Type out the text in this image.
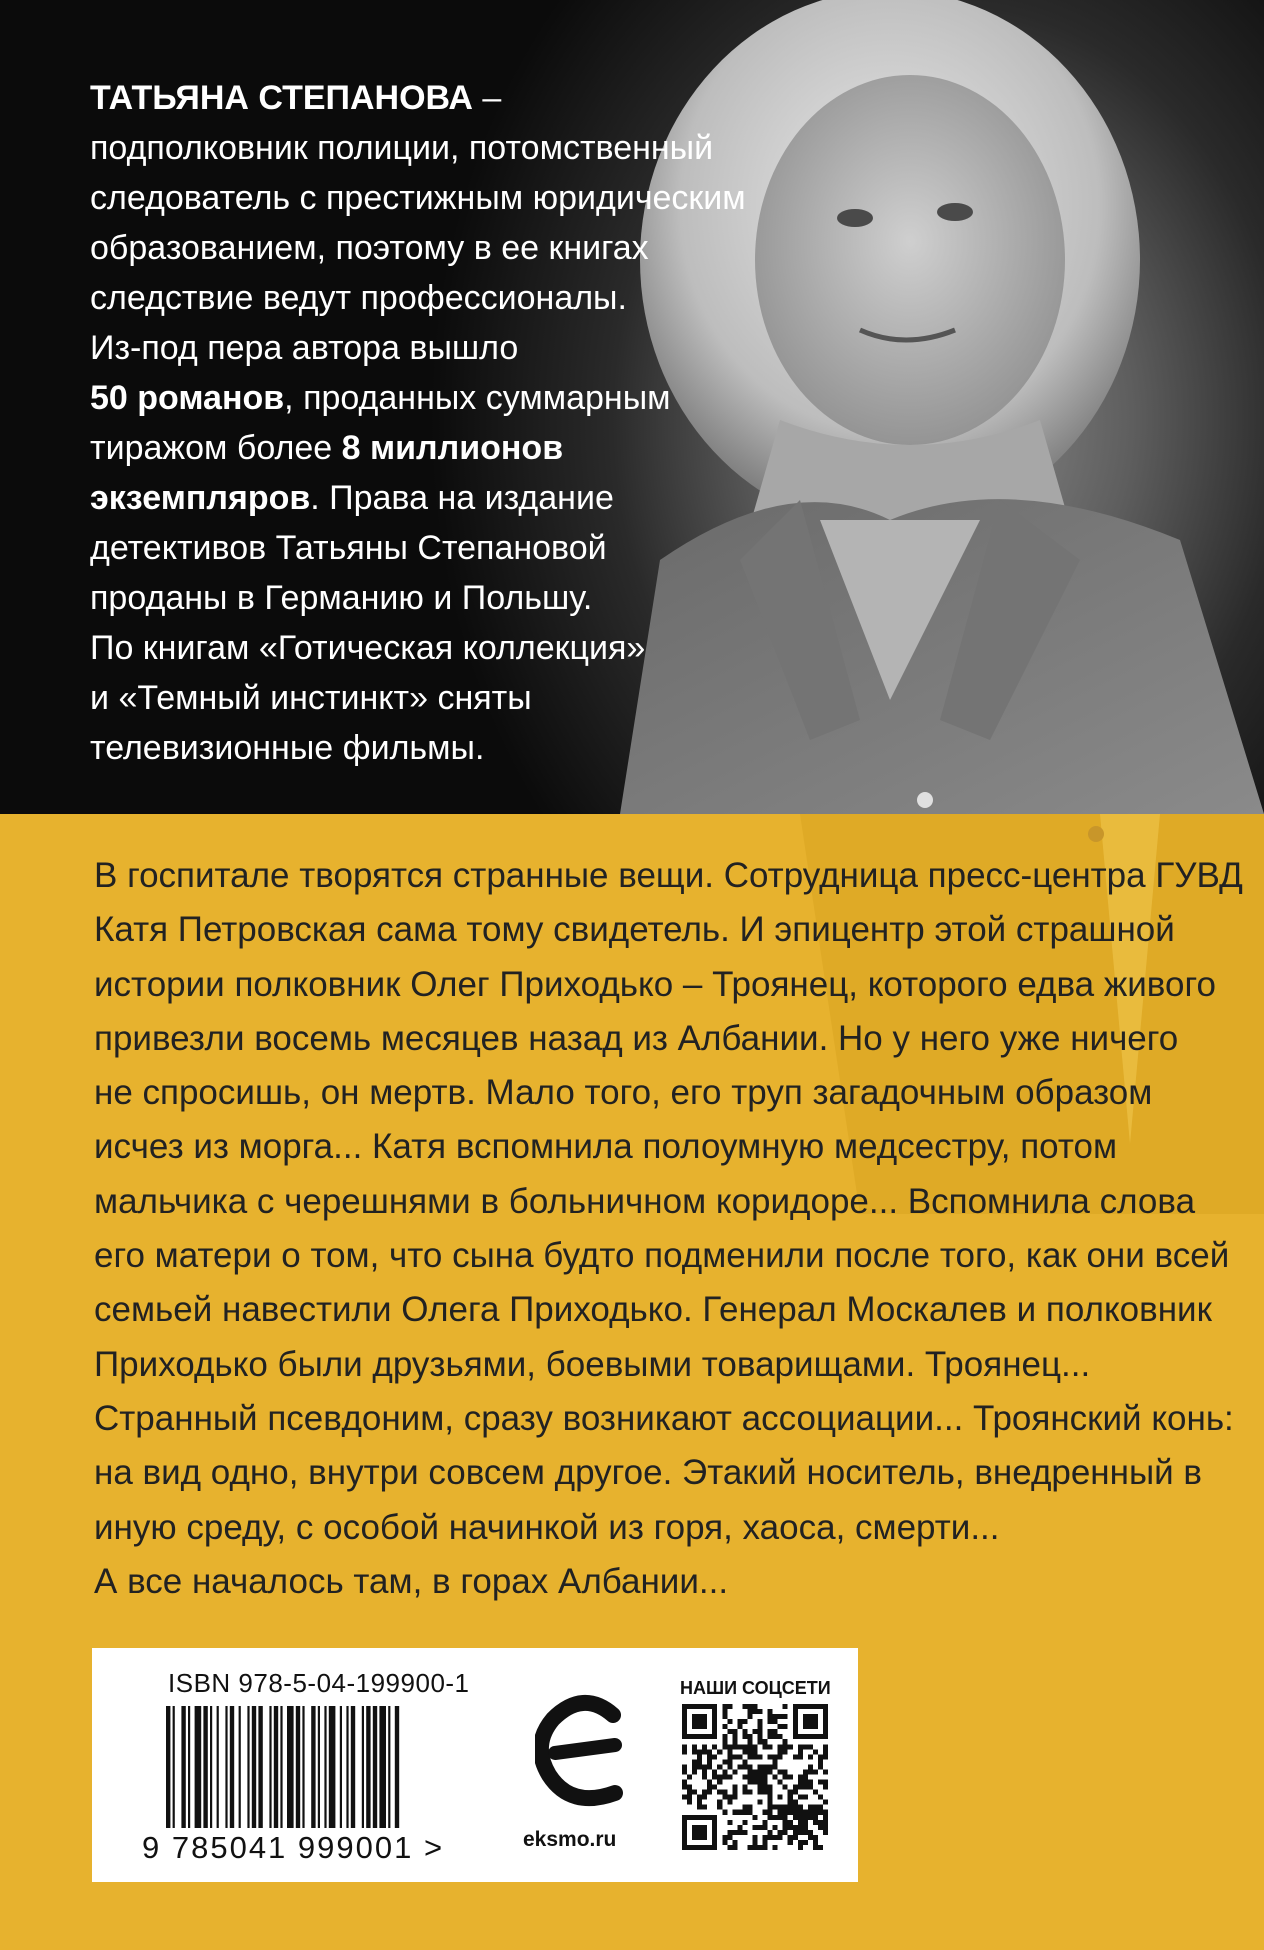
ТАТЬЯНА СТЕПАНОВА –
подполковник полиции, потомственный
следователь с престижным юридическим
образованием, поэтому в ее книгах
следствие ведут профессионалы.
Из-под пера автора вышло
50 романов, проданных суммарным
тиражом более 8 миллионов
экземпляров. Права на издание
детективов Татьяны Степановой
проданы в Германию и Польшу.
По книгам «Готическая коллекция»
и «Темный инстинкт» сняты
телевизионные фильмы.
В госпитале творятся странные вещи. Сотрудница пресс-центра ГУВД
Катя Петровская сама тому свидетель. И эпицентр этой страшной
истории полковник Олег Приходько – Троянец, которого едва живого
привезли восемь месяцев назад из Албании. Но у него уже ничего
не спросишь, он мертв. Мало того, его труп загадочным образом
исчез из морга... Катя вспомнила полоумную медсестру, потом
мальчика с черешнями в больничном коридоре... Вспомнила слова
его матери о том, что сына будто подменили после того, как они всей
семьей навестили Олега Приходько. Генерал Москалев и полковник
Приходько были друзьями, боевыми товарищами. Троянец...
Странный псевдоним, сразу возникают ассоциации... Троянский конь:
на вид одно, внутри совсем другое. Этакий носитель, внедренный в
иную среду, с особой начинкой из горя, хаоса, смерти...
А все началось там, в горах Албании...
ISBN 978-5-04-199900-1
9 785041 999001 >	eksmo.ru
НАШИ СОЦСЕТИ
